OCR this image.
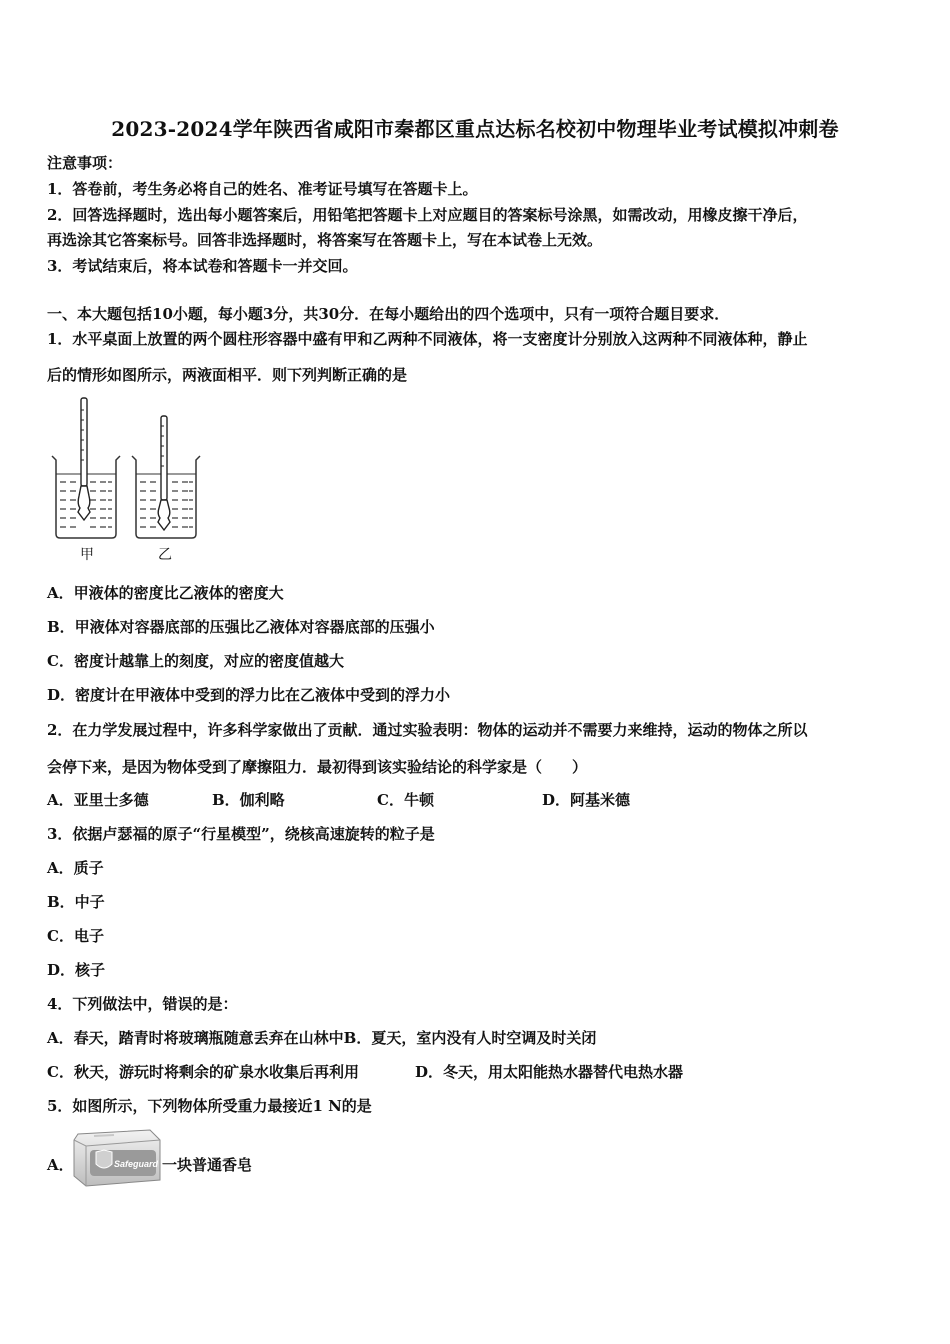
2023-2024学年陕西省咸阳市秦都区重点达标名校初中物理毕业考试模拟冲刺卷
注意事项：
1．答卷前，考生务必将自己的姓名、准考证号填写在答题卡上。
2．回答选择题时，选出每小题答案后，用铅笔把答题卡上对应题目的答案标号涂黑，如需改动，用橡皮擦干净后，
再选涂其它答案标号。回答非选择题时，将答案写在答题卡上，写在本试卷上无效。
3．考试结束后，将本试卷和答题卡一并交回。
一、本大题包括10小题，每小题3分，共30分．在每小题给出的四个选项中，只有一项符合题目要求．
1．水平桌面上放置的两个圆柱形容器中盛有甲和乙两种不同液体，将一支密度计分别放入这两种不同液体种，静止
后的情形如图所示，两液面相平．则下列判断正确的是
甲	乙
A．甲液体的密度比乙液体的密度大
B．甲液体对容器底部的压强比乙液体对容器底部的压强小
C．密度计越靠上的刻度，对应的密度值越大
D．密度计在甲液体中受到的浮力比在乙液体中受到的浮力小
2．在力学发展过程中，许多科学家做出了贡献．通过实验表明：物体的运动并不需要力来维持，运动的物体之所以
会停下来，是因为物体受到了摩擦阻力．最初得到该实验结论的科学家是（　　）
A．亚里士多德	B．伽利略	C．牛顿	D．阿基米德
3．依据卢瑟福的原子“行星模型”，绕核高速旋转的粒子是
A．质子
B．中子
C．电子
D．核子
4．下列做法中，错误的是：
A．春天，踏青时将玻璃瓶随意丢弃在山林中B．夏天，室内没有人时空调及时关闭
C．秋天，游玩时将剩余的矿泉水收集后再利用	D．冬天，用太阳能热水器替代电热水器
5．如图所示，下列物体所受重力最接近1 N的是
A．	Safeguard 一块普通香皂
